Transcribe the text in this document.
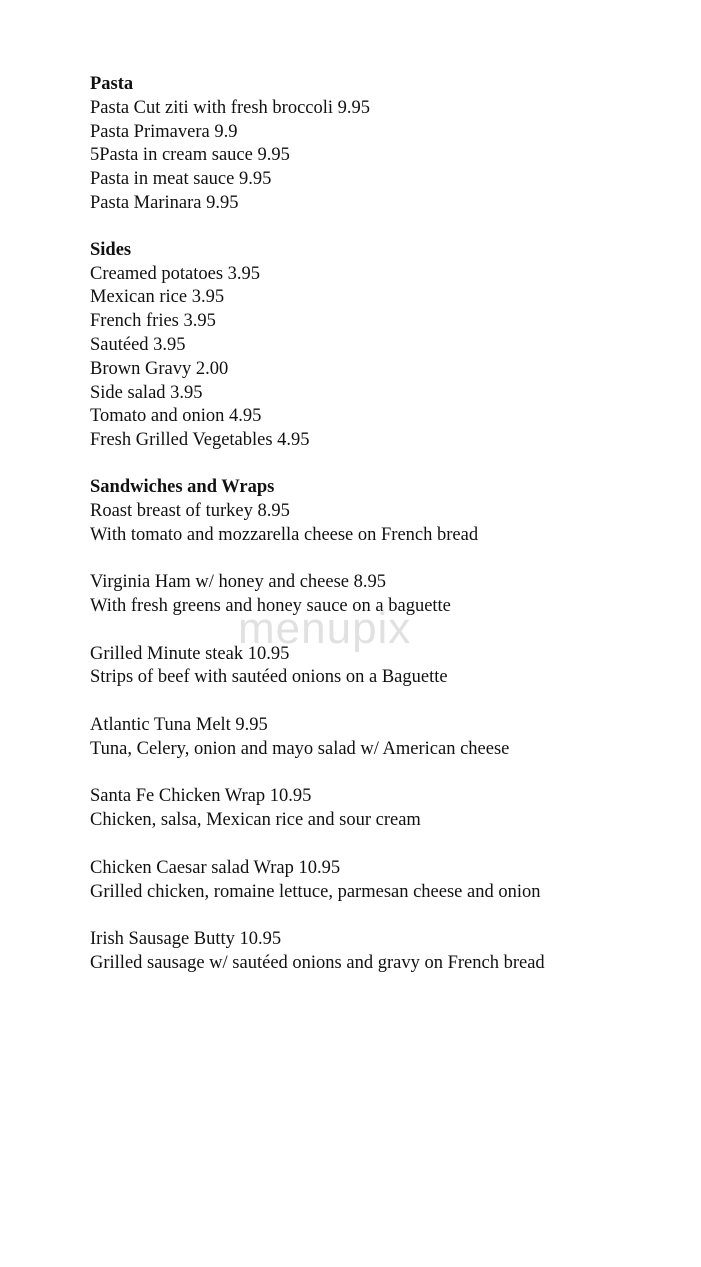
Pasta

Pasta Cut ziti with fresh broccoli 9.95

Pasta Primavera 9.9

5Pasta in cream sauce 9.95

Pasta in meat sauce 9.95

Pasta Marinara 9.95

Sides

Creamed potatoes 3.95

Mexican rice 3.95

French fries 3.95

Sautéed 3.95

Brown Gravy 2.00

Side salad 3.95

Tomato and onion 4.95

Fresh Grilled Vegetables 4.95

Sandwiches and Wraps

Roast breast of turkey 8.95

With tomato and mozzarella cheese on French bread

Virginia Ham w/ honey and cheese 8.95

With fresh greens and honey sauce on a baguette

Grilled Minute steak 10.95

Strips of beef with sautéed onions on a Baguette

Atlantic Tuna Melt 9.95

Tuna, Celery, onion and mayo salad w/ American cheese

Santa Fe Chicken Wrap 10.95

Chicken, salsa, Mexican rice and sour cream

Chicken Caesar salad Wrap 10.95

Grilled chicken, romaine lettuce, parmesan cheese and onion

Irish Sausage Butty 10.95

Grilled sausage w/ sautéed onions and gravy on French bread

menupix
